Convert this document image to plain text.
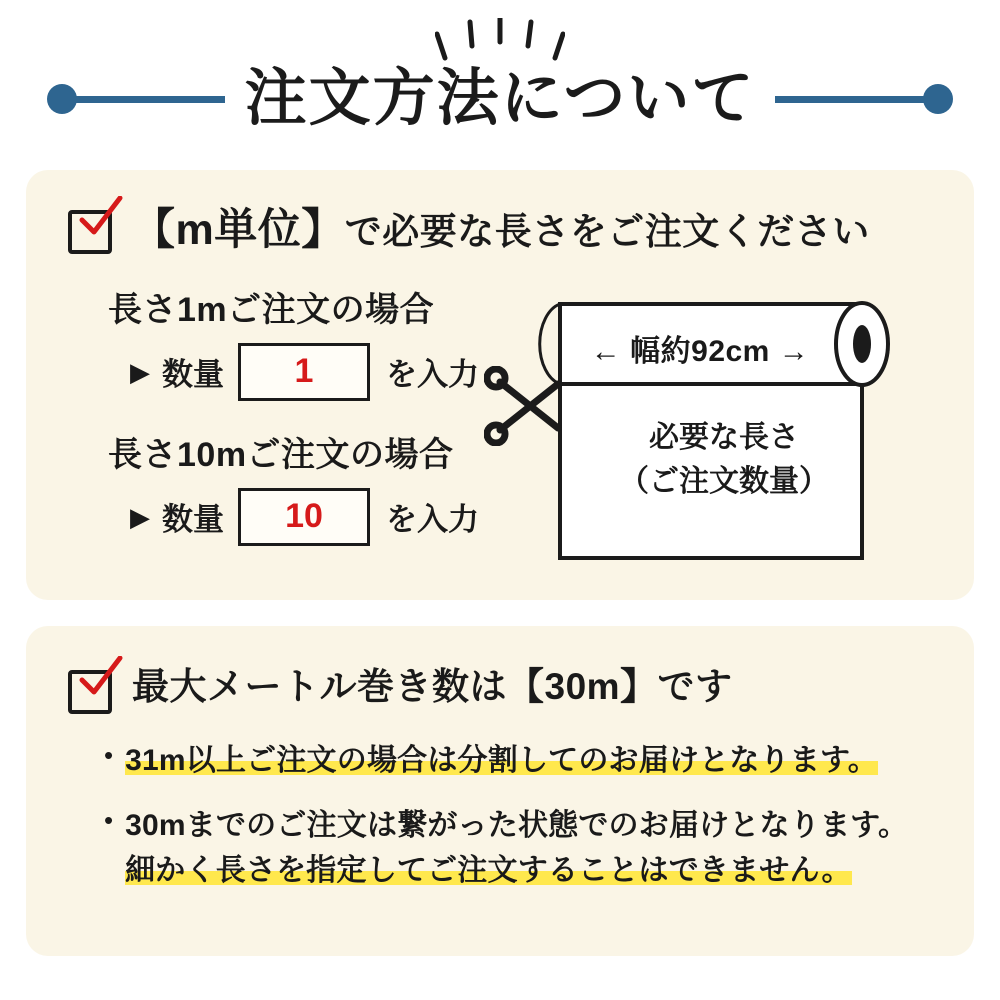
注文方法について
【m単位】で必要な長さをご注文ください
長さ1mご注文の場合
▶ 数量 1 を入力
長さ10mご注文の場合
▶ 数量 10 を入力
← 幅約92cm →
必要な長さ
（ご注文数量）
最大メートル巻き数は【30m】です
• 31m以上ご注文の場合は分割してのお届けとなります。
• 30mまでのご注文は繋がった状態でのお届けとなります。
細かく長さを指定してご注文することはできません。
